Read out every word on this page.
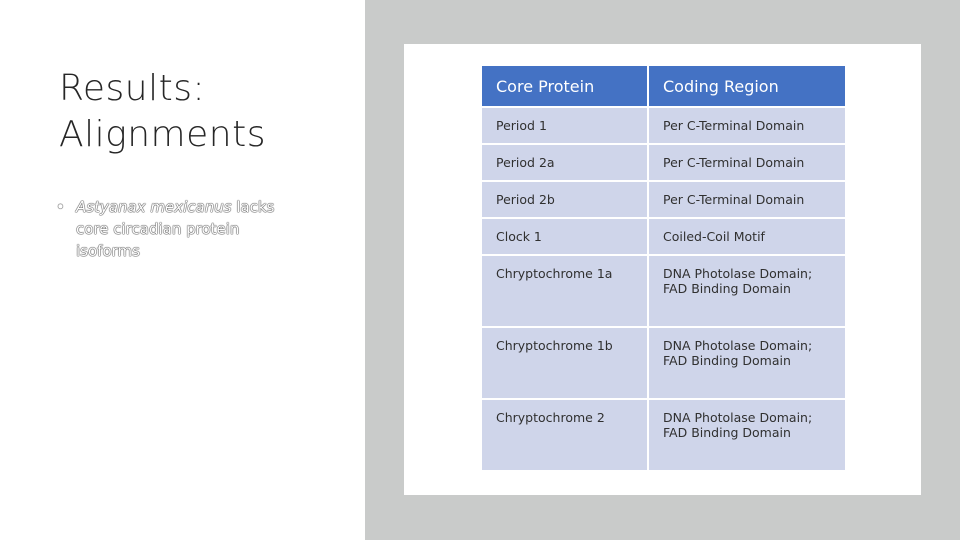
Results:
Alignments
• Astyanax mexicanus lacks core circadian protein isoforms
Core Protein	Coding Region
Period 1	Per C-Terminal Domain
Period 2a	Per C-Terminal Domain
Period 2b	Per C-Terminal Domain
Clock 1	Coiled-Coil Motif
Chryptochrome 1a	DNA Photolase Domain;
FAD Binding Domain
Chryptochrome 1b	DNA Photolase Domain;
FAD Binding Domain
Chryptochrome 2	DNA Photolase Domain;
FAD Binding Domain
